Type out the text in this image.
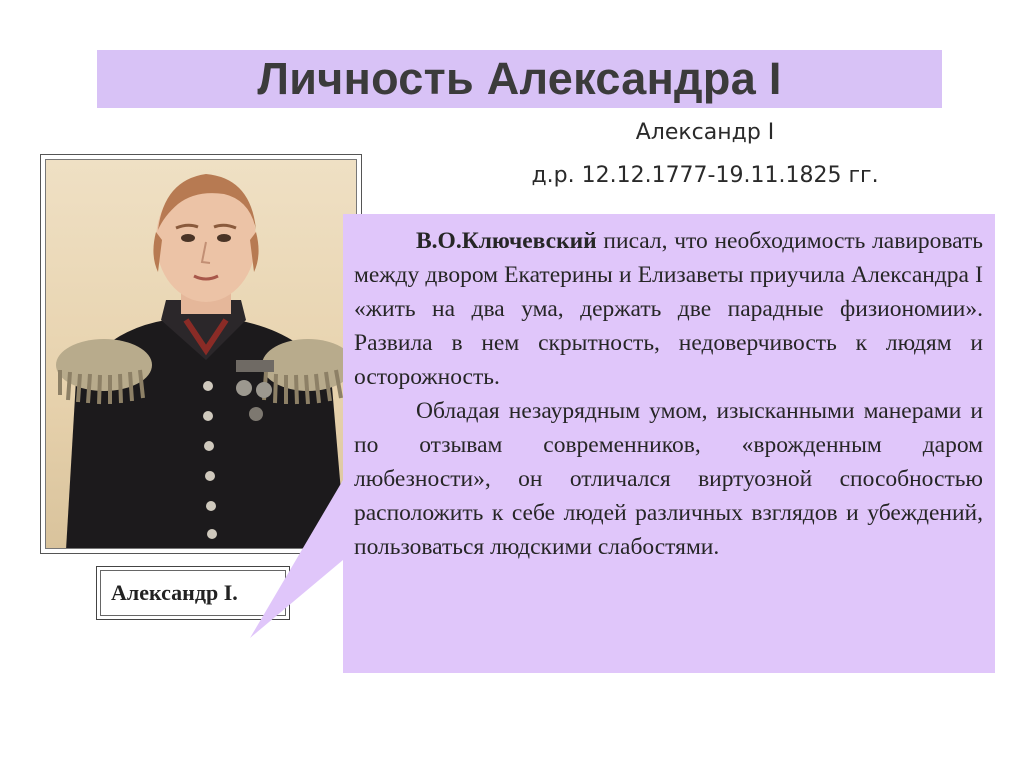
Личность Александра I
Александр I
д.р. 12.12.1777-19.11.1825 гг.
Александр I.

В.О.Ключевский писал, что необходимость лавировать между двором Екатерины и Елизаветы приучила Александра I «жить на два ума, держать две парадные физиономии». Развила в нем скрытность, недоверчивость к людям и осторожность.

Обладая незаурядным умом, изысканными манерами и по отзывам современников, «врожденным даром любезности», он отличался виртуозной способностью расположить к себе людей различных взглядов и убеждений, пользоваться людскими слабостями.
